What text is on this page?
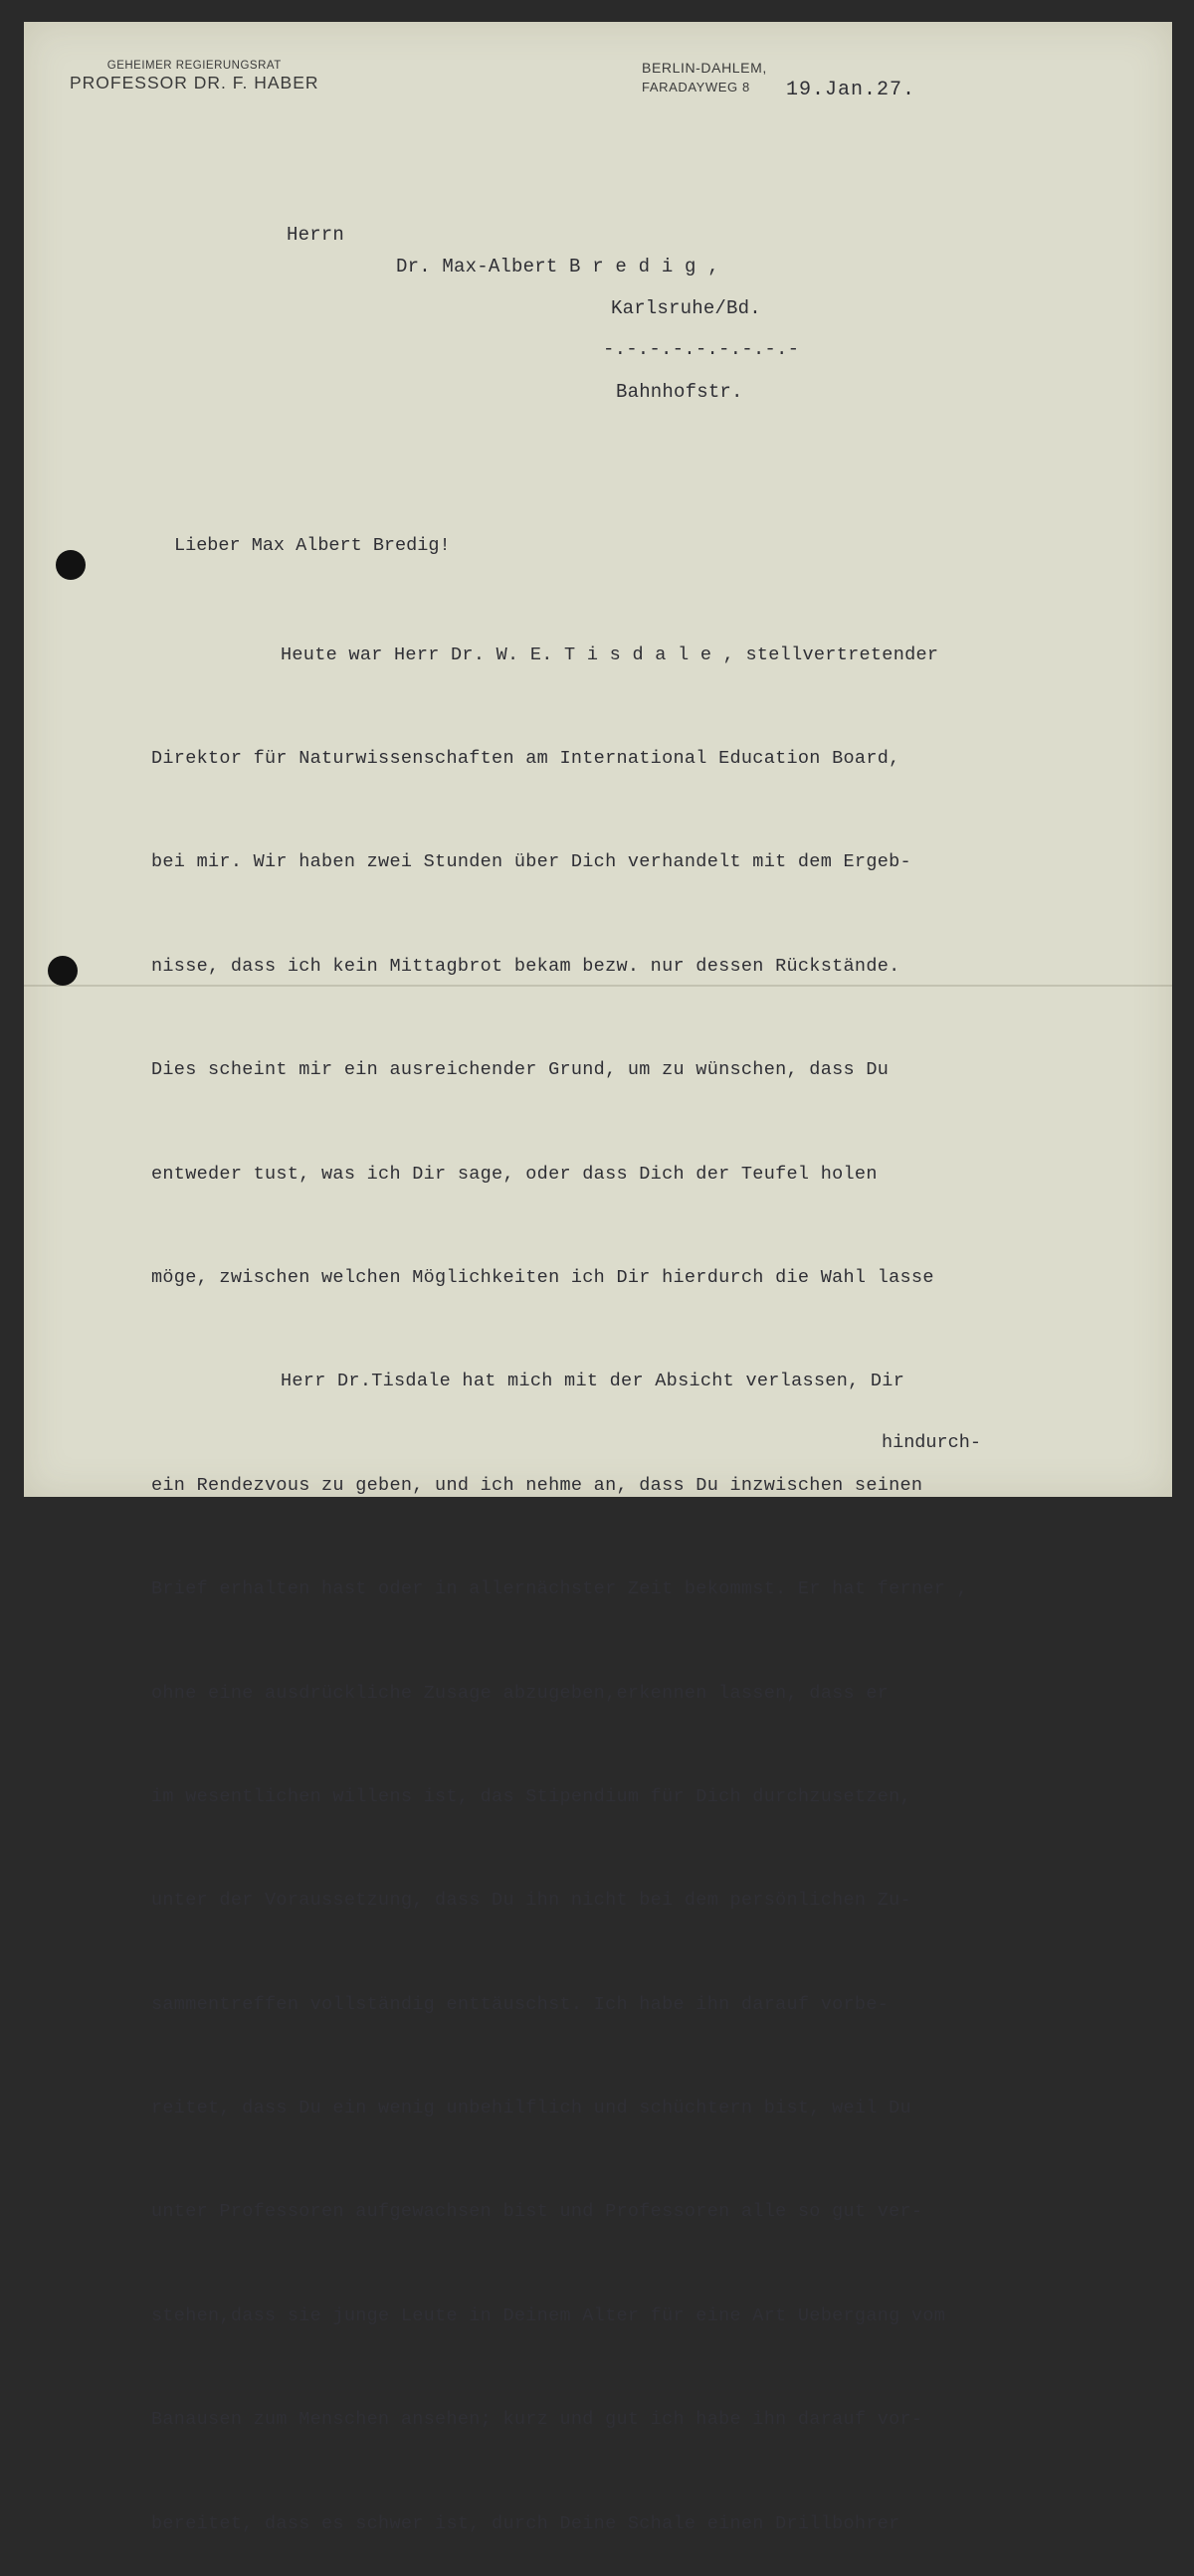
GEHEIMER REGIERUNGSRAT
PROFESSOR DR. F. HABER
BERLIN-DAHLEM,
FARADAYWEG 8	19.Jan.27.
Herrn
Dr. Max-Albert B r e d i g ,
Karlsruhe/Bd.
-.-.-.-.-.-.-.-.-
Bahnhofstr.
Lieber Max Albert Bredig!

Heute war Herr Dr. W. E. T i s d a l e , stellvertretender

Direktor für Naturwissenschaften am International Education Board,

bei mir. Wir haben zwei Stunden über Dich verhandelt mit dem Ergeb-

nisse, dass ich kein Mittagbrot bekam bezw. nur dessen Rückstände.

Dies scheint mir ein ausreichender Grund, um zu wünschen, dass Du

entweder tust, was ich Dir sage, oder dass Dich der Teufel holen

möge, zwischen welchen Möglichkeiten ich Dir hierdurch die Wahl lasse

Herr Dr.Tisdale hat mich mit der Absicht verlassen, Dir

ein Rendezvous zu geben, und ich nehme an, dass Du inzwischen seinen

Brief erhalten hast oder in allernächster Zeit bekommst. Er hat ferner ,

ohne eine ausdrückliche Zusage abzugeben,erkennen lassen, dass er

im wesentlichen willens ist, das Stipendium für Dich durchzusetzen,

unter der Voraussetzung, dass Du ihn nicht bei dem persönlichen Zu-

sammentreffen vollständig enttäuschst. Ich habe ihn darauf vorbe-

reitet, dass Du ein wenig unbehilflich und schüchtern bist, weil Du

unter Professoren aufgewachsen bist und Professoren alle so gut ver-

stehen,dass sie junge Leute in Deinem Alter für eine Art Uebergang vom

Banausen zum Menschen ansehen; kurz und gut ich habe ihn darauf vor-

bereitet, dass es schwer ist, durch Deine Schale einen Drillbohrer

hindurch-
